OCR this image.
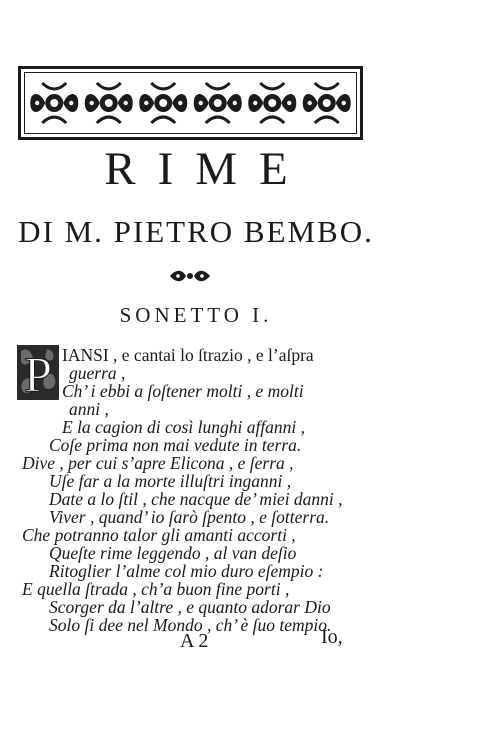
RIME
DI M. PIETRO BEMBO.
SONETTO I.
P IANSI , e cantai lo ſtrazio , e l’aſpra
guerra ,
Ch’ i ebbi a ſoſtener molti , e molti
anni ,
E la cagion di così lunghi affanni ,
Coſe prima non mai vedute in terra.
Dive , per cui s’apre Elicona , e ſerra ,
Uſe far a la morte illuſtri inganni ,
Date a lo ſtil , che nacque de’ miei danni ,
Viver , quand’ io ſarò ſpento , e ſotterra.
Che potranno talor gli amanti accorti ,
Queſte rime leggendo , al van deſio
Ritoglier l’alme col mio duro eſempio :
E quella ſtrada , ch’a buon fine porti ,
Scorger da l’altre , e quanto adorar Dio
Solo ſi dee nel Mondo , ch’ è ſuo tempio.
A 2	Io,
